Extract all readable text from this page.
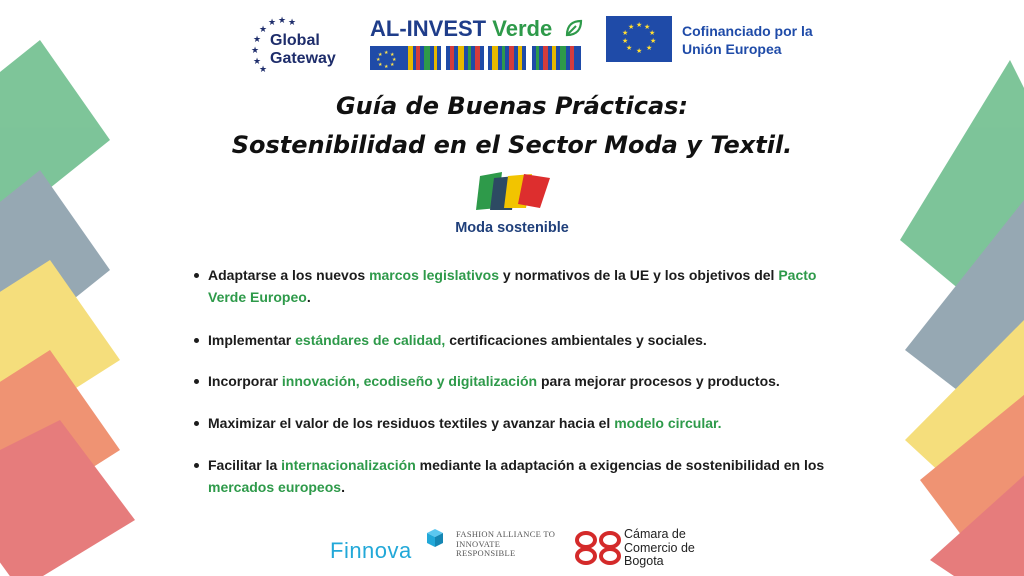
★ ★ ★
★
★
★
★
★
Global Gateway
AL-INVEST Verde
★ ★
★
★
★
★
★
★
★ ★
★
★
★
★
★
★
★
★	Cofinanciado por la Unión Europea
Guía de Buenas Prácticas:
Sostenibilidad en el Sector Moda y Textil.
Moda sostenible
Adaptarse a los nuevos marcos legislativos y normativos de la UE y los objetivos del Pacto Verde Europeo.
Implementar estándares de calidad, certificaciones ambientales y sociales.
Incorporar innovación, ecodiseño y digitalización para mejorar procesos y productos.
Maximizar el valor de los residuos textiles y avanzar hacia el modelo circular.
Facilitar la internacionalización mediante la adaptación a exigencias de sostenibilidad en los mercados europeos.
Finnova
FASHION ALLIANCE TO INNOVATE RESPONSIBLE
Cámara de Comercio de Bogota
